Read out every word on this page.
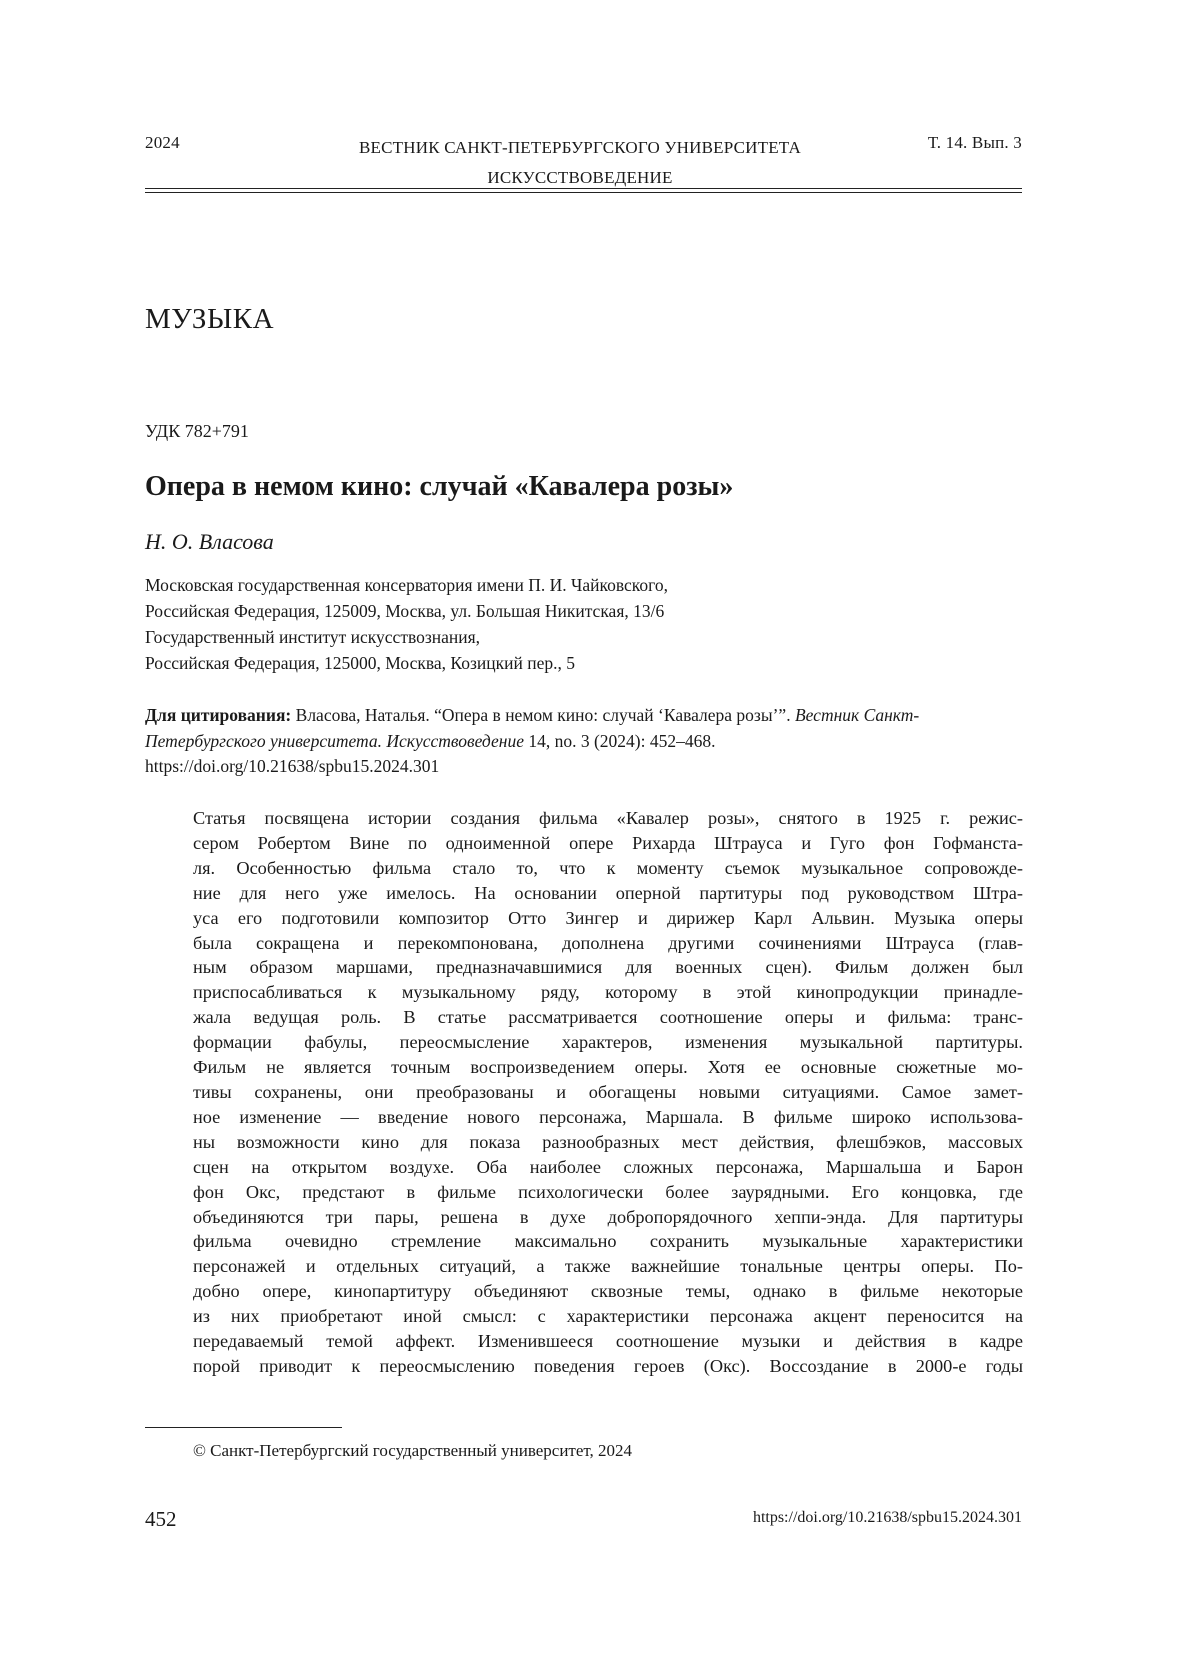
2024	ВЕСТНИК САНКТ-ПЕТЕРБУРГСКОГО УНИВЕРСИТЕТА
ИСКУССТВОВЕДЕНИЕ
Т. 14. Вып. 3
МУЗЫКА
УДК 782+791
Опера в немом кино: случай «Кавалера розы»
Н. О. Власова
Московская государственная консерватория имени П. И. Чайковского,
Российская Федерация, 125009, Москва, ул. Большая Никитская, 13/6
Государственный институт искусствознания,
Российская Федерация, 125000, Москва, Козицкий пер., 5
Для цитирования: Власова, Наталья. “Опера в немом кино: случай ‘Кавалера розы’”. Вестник Санкт-Петербургского университета. Искусствоведение 14, no. 3 (2024): 452–468.
https://doi.org/10.21638/spbu15.2024.301

Статья посвящена истории создания фильма «Кавалер розы», снятого в 1925 г. режис-

сером Робертом Вине по одноименной опере Рихарда Штрауса и Гуго фон Гофманста-

ля. Особенностью фильма стало то, что к моменту съемок музыкальное сопровожде-

ние для него уже имелось. На основании оперной партитуры под руководством Штра-

уса его подготовили композитор Отто Зингер и дирижер Карл Альвин. Музыка оперы

была сокращена и перекомпонована, дополнена другими сочинениями Штрауса (глав-

ным образом маршами, предназначавшимися для военных сцен). Фильм должен был

приспосабливаться к музыкальному ряду, которому в этой кинопродукции принадле-

жала ведущая роль. В статье рассматривается соотношение оперы и фильма: транс-

формации фабулы, переосмысление характеров, изменения музыкальной партитуры.

Фильм не является точным воспроизведением оперы. Хотя ее основные сюжетные мо-

тивы сохранены, они преобразованы и обогащены новыми ситуациями. Самое замет-

ное изменение — введение нового персонажа, Маршала. В фильме широко использова-

ны возможности кино для показа разнообразных мест действия, флешбэков, массовых

сцен на открытом воздухе. Оба наиболее сложных персонажа, Маршальша и Барон

фон Окс, предстают в фильме психологически более заурядными. Его концовка, где

объединяются три пары, решена в духе добропорядочного хеппи-энда. Для партитуры

фильма очевидно стремление максимально сохранить музыкальные характеристики

персонажей и отдельных ситуаций, а также важнейшие тональные центры оперы. По-

добно опере, кинопартитуру объединяют сквозные темы, однако в фильме некоторые

из них приобретают иной смысл: с характеристики персонажа акцент переносится на

передаваемый темой аффект. Изменившееся соотношение музыки и действия в кадре

порой приводит к переосмыслению поведения героев (Окс). Воссоздание в 2000-е годы

© Санкт-Петербургский государственный университет, 2024
452	https://doi.org/10.21638/spbu15.2024.301
